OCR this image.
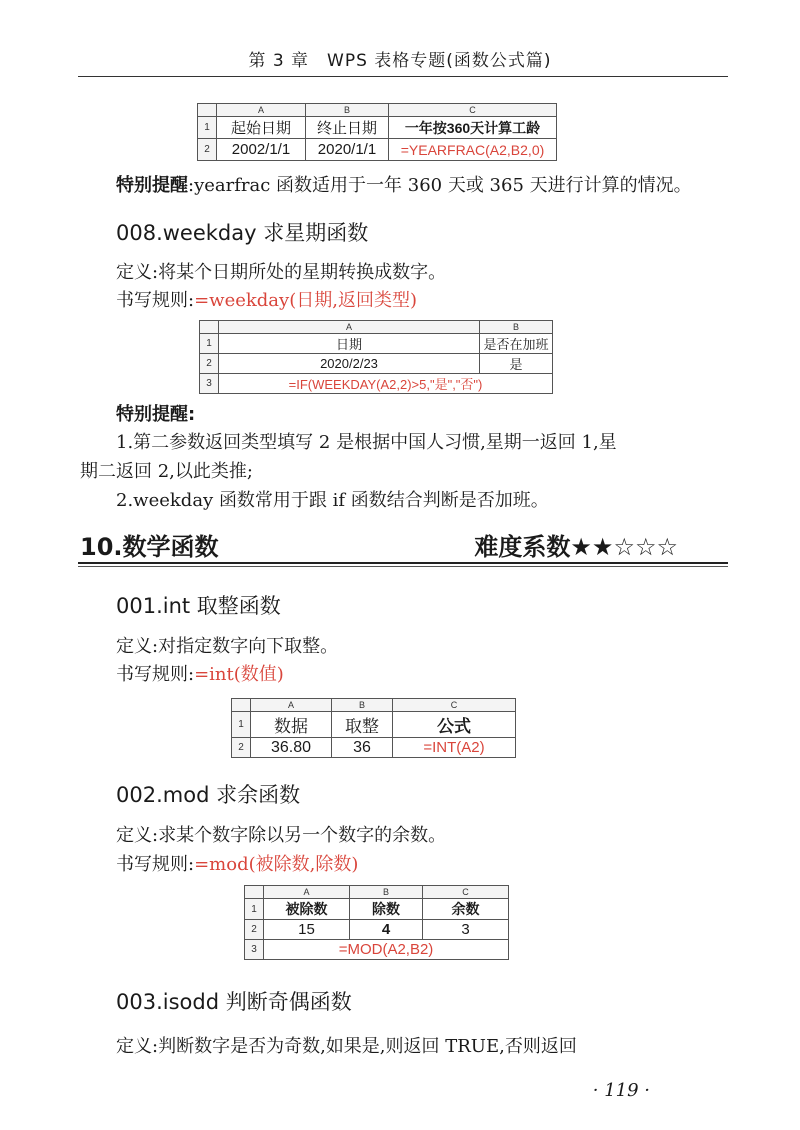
第 3 章　WPS 表格专题(函数公式篇)
	A	B	C
1	起始日期	终止日期	一年按360天计算工龄
2	2002/1/1	2020/1/1	=YEARFRAC(A2,B2,0)
特别提醒:yearfrac 函数适用于一年 360 天或 365 天进行计算的情况。
008.weekday 求星期函数
定义:将某个日期所处的星期转换成数字。
书写规则:=weekday(日期,返回类型)
	A	B
1	日期	是否在加班
2	2020/2/23	是
3	=IF(WEEKDAY(A2,2)>5,"是","否")	
特别提醒:
1.第二参数返回类型填写 2 是根据中国人习惯,星期一返回 1,星
期二返回 2,以此类推;
2.weekday 函数常用于跟 if 函数结合判断是否加班。
10.数学函数	难度系数★★☆☆☆
001.int 取整函数
定义:对指定数字向下取整。
书写规则:=int(数值)
	A	B	C
1	数据	取整	公式
2	36.80	36	=INT(A2)
002.mod 求余函数
定义:求某个数字除以另一个数字的余数。
书写规则:=mod(被除数,除数)
	A	B	C
1	被除数	除数	余数
2	15	4	3
3	=MOD(A2,B2)		
003.isodd 判断奇偶函数
定义:判断数字是否为奇数,如果是,则返回 TRUE,否则返回
· 119 ·
